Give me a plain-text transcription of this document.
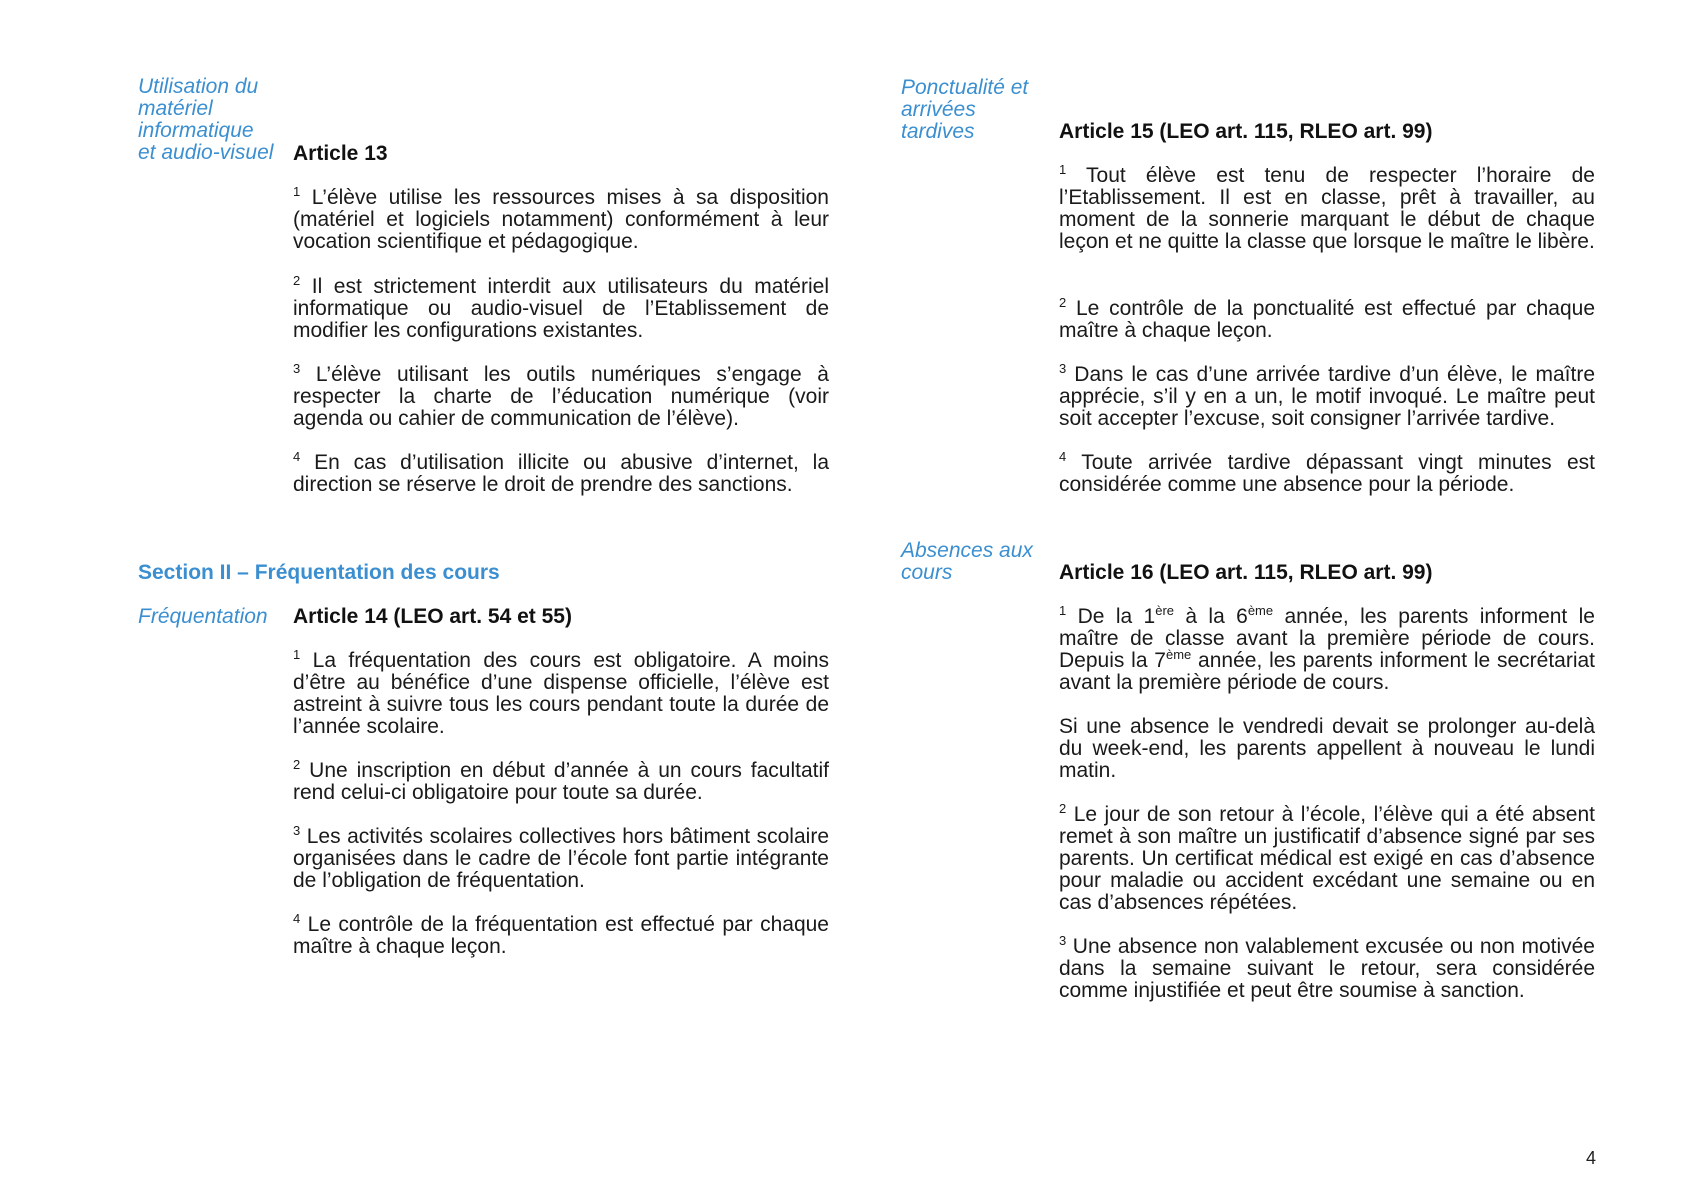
Utilisation du
matériel
informatique
et audio-visuel Article 13
$^1$ L’élève utilise les ressources mises à sa disposition (matériel et logiciels notamment) conformément à leur vocation scientifique et pédagogique.
$^2$ Il est strictement interdit aux utilisateurs du matériel informatique ou audio-visuel de l’Etablissement de modifier les configurations existantes.
$^3$ L’élève utilisant les outils numériques s’engage à respecter la charte de l’éducation numérique (voir agenda ou cahier de communication de l’élève).
$^4$ En cas d’utilisation illicite ou abusive d’internet, la direction se réserve le droit de prendre des sanctions.
Section II – Fréquentation des cours
Fréquentation Article 14 (LEO art. 54 et 55)
$^1$ La fréquentation des cours est obligatoire. A moins d’être au bénéfice d’une dispense officielle, l’élève est astreint à suivre tous les cours pendant toute la durée de l’année scolaire.
$^2$ Une inscription en début d’année à un cours facultatif rend celui-ci obligatoire pour toute sa durée.
$^3$ Les activités scolaires collectives hors bâtiment scolaire organisées dans le cadre de l’école font partie intégrante de l’obligation de fréquentation.
$^4$ Le contrôle de la fréquentation est effectué par chaque maître à chaque leçon.
Ponctualité et
arrivées
tardives	Article 15 (LEO art. 115, RLEO art. 99)
$^1$ Tout élève est tenu de respecter l’horaire de l’Etablissement. Il est en classe, prêt à travailler, au moment de la sonnerie marquant le début de chaque leçon et ne quitte la classe que lorsque le maître le libère.
$^2$ Le contrôle de la ponctualité est effectué par chaque maître à chaque leçon.
$^3$ Dans le cas d’une arrivée tardive d’un élève, le maître apprécie, s’il y en a un, le motif invoqué. Le maître peut soit accepter l’excuse, soit consigner l’arrivée tardive.
$^4$ Toute arrivée tardive dépassant vingt minutes est considérée comme une absence pour la période.
Absences aux
cours	Article 16 (LEO art. 115, RLEO art. 99)
$^1$ De la 1ère à la 6ème année, les parents informent le maître de classe avant la première période de cours. Depuis la 7ème année, les parents informent le secrétariat avant la première période de cours.
Si une absence le vendredi devait se prolonger au-delà du week-end, les parents appellent à nouveau le lundi matin.
$^2$ Le jour de son retour à l’école, l’élève qui a été absent remet à son maître un justificatif d’absence signé par ses parents. Un certificat médical est exigé en cas d’absence pour maladie ou accident excédant une semaine ou en cas d’absences répétées.
$^3$ Une absence non valablement excusée ou non motivée dans la semaine suivant le retour, sera considérée comme injustifiée et peut être soumise à sanction.
4
